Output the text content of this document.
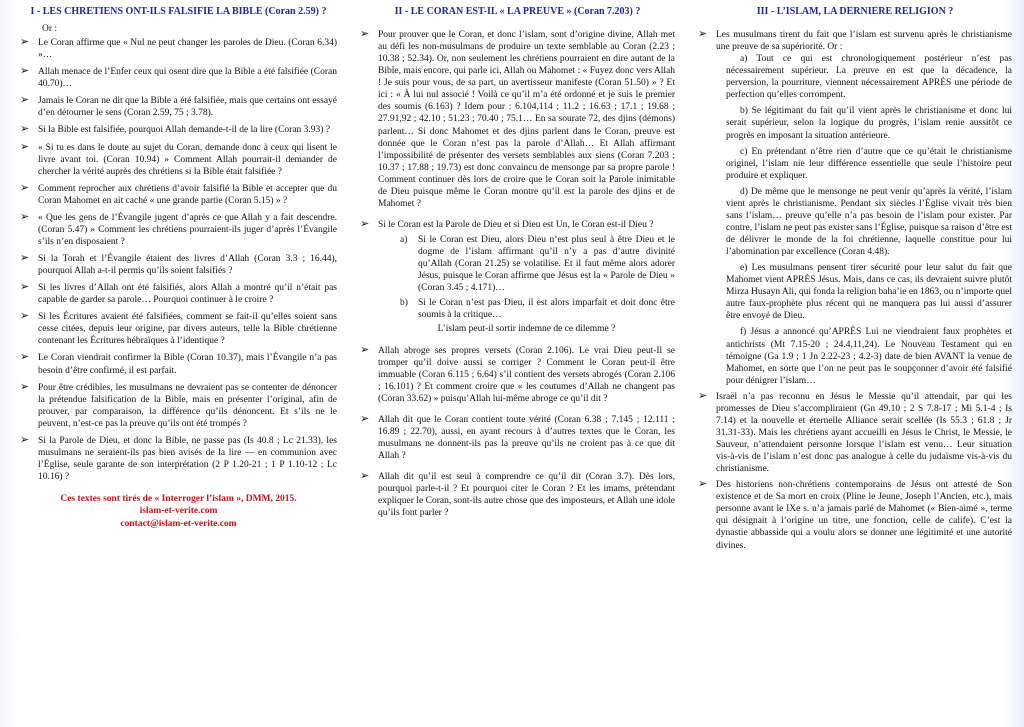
I - LES CHRÉTIENS ONT-ILS FALSIFIÉ LA BIBLE (Coran 2.59) ?
Or :
➢ Le Coran affirme que « Nul ne peut changer les paroles de Dieu. (Coran 6.34) »…
➢ Allah menace de l’Enfer ceux qui osent dire que la Bible a été falsifiée (Coran 40.70)…
➢ Jamais le Coran ne dit que la Bible a été falsifiée, mais que certains ont essayé d’en détourner le sens (Coran 2.59, 75 ; 3.78).
➢ Si la Bible est falsifiée, pourquoi Allah demande-t-il de la lire (Coran 3.93) ?
➢ « Si tu es dans le doute au sujet du Coran, demande donc à ceux qui lisent le livre avant toi. (Coran 10.94) » Comment Allah pourrait-il demander de chercher la vérité auprès des chrétiens si la Bible était falsifiée ?
➢ Comment reprocher aux chrétiens d’avoir falsifié la Bible et accepter que du Coran Mahomet en ait caché « une grande partie (Coran 5.15) » ?
➢ « Que les gens de l’Évangile jugent d’après ce que Allah y a fait descendre. (Coran 5.47) » Comment les chrétiens pourraient-ils juger d’après l’Évangile s’ils n’en disposaient ?
➢ Si la Torah et l’Évangile étaient des livres d’Allah (Coran 3.3 ; 16.44), pourquoi Allah a-t-il permis qu’ils soient falsifiés ?
➢ Si les livres d’Allah ont été falsifiés, alors Allah a montré qu’il n’était pas capable de garder sa parole… Pourquoi continuer à le croire ?
➢ Si les Écritures avaient été falsifiées, comment se fait-il qu’elles soient sans cesse citées, depuis leur origine, par divers auteurs, telle la Bible chrétienne contenant les Écritures hébraïques à l’identique ?
➢ Le Coran viendrait confirmer la Bible (Coran 10.37), mais l’Évangile n’a pas besoin d’être confirmé, il est parfait.
➢ Pour être crédibles, les musulmans ne devraient pas se contenter de dénoncer la prétendue falsification de la Bible, mais en présenter l’original, afin de prouver, par comparaison, la différence qu’ils dénoncent. Et s’ils ne le peuvent, n’est-ce pas la preuve qu’ils ont été trompés ?
➢ Si la Parole de Dieu, et donc la Bible, ne passe pas (Is 40.8 ; Lc 21.33), les musulmans ne seraient-ils pas bien avisés de la lire — en communion avec l’Église, seule garante de son interprétation (2 P 1.20-21 ; 1 P 1.10-12 ; Lc 10.16) ?
Ces textes sont tirés de « Interroger l’islam », DMM, 2015.
islam-et-verite.com
contact@islam-et-verite.com
II - LE CORAN EST-IL « LA PREUVE » (Coran 7.203) ?
➢ Pour prouver que le Coran, et donc l’islam, sont d’origine divine, Allah met au défi les non-musulmans de produire un texte semblable au Coran (2.23 ; 10.38 ; 52.34). Or, non seulement les chrétiens pourraient en dire autant de la Bible, mais encore, qui parle ici, Allah ou Mahomet : « Fuyez donc vers Allah ! Je suis pour vous, de sa part, un avertisseur manifeste (Coran 51.50) » ? Et ici : « À lui nul associé ! Voilà ce qu’il m’a été ordonné et je suis le premier des soumis (6.163) ? Idem pour : 6.104,114 ; 11.2 ; 16.63 ; 17.1 ; 19.68 ; 27.91,92 ; 42.10 ; 51.23 ; 70.40 ; 75.1… En sa sourate 72, des djins (démons) parlent… Si donc Mahomet et des djins parlent dans le Coran, preuve est donnée que le Coran n’est pas la parole d’Allah… Et Allah affirmant l’impossibilité de présenter des versets semblables aux siens (Coran 7.203 ; 10.37 ; 17.88 ; 19.73) est donc convaincu de mensonge par sa propre parole ! Comment continuer dès lors de croire que le Coran soit la Parole inimitable de Dieu puisque même le Coran montre qu’il est la parole des djins et de Mahomet ?
➢ Si le Coran est la Parole de Dieu et si Dieu est Un, le Coran est-il Dieu ?
a) Si le Coran est Dieu, alors Dieu n’est plus seul à être Dieu et le dogme de l’islam affirmant qu’il n’y a pas d’autre divinité qu’Allah (Coran 21.25) se volatilise. Et il faut même alors adorer Jésus, puisque le Coran affirme que Jésus est la « Parole de Dieu » (Coran 3.45 ; 4.171)…
b) Si le Coran n’est pas Dieu, il est alors imparfait et doit donc être soumis à la critique…
L’islam peut-il sortir indemne de ce dilemme ?
➢ Allah abroge ses propres versets (Coran 2.106). Le vrai Dieu peut-Il se tromper qu’il doive aussi se corriger ? Comment le Coran peut-il être immuable (Coran 6.115 ; 6.64) s’il contient des versets abrogés (Coran 2.106 ; 16.101) ? Et comment croire que « les coutumes d’Allah ne changent pas (Coran 33.62) » puisqu’Allah lui-même abroge ce qu’il dit ?
➢ Allah dit que le Coran contient toute vérité (Coran 6.38 ; 7.145 ; 12.111 ; 16.89 ; 22.70), aussi, en ayant recours à d’autres textes que le Coran, les musulmans ne donnent-ils pas la preuve qu’ils ne croient pas à ce que dit Allah ?
➢ Allah dit qu’il est seul à comprendre ce qu’il dit (Coran 3.7). Dès lors, pourquoi parle-t-il ? Et pourquoi citer le Coran ? Et les imams, prétendant expliquer le Coran, sont-ils autre chose que des imposteurs, et Allah une idole qu’ils font parler ?
III - L’ISLAM, LA DERNIÈRE RELIGION ?
➢ Les musulmans tirent du fait que l’islam est survenu après le christianisme une preuve de sa supériorité. Or :
a) Tout ce qui est chronologiquement postérieur n’est pas nécessairement supérieur. La preuve en est que la décadence, la perversion, la pourriture, viennent nécessairement APRÈS une période de perfection qu’elles corrompent.
b) Se légitimant du fait qu’il vient après le christianisme et donc lui serait supérieur, selon la logique du progrès, l’islam renie aussitôt ce progrès en imposant la situation antérieure.
c) En prétendant n’être rien d’autre que ce qu’était le christianisme originel, l’islam nie leur différence essentielle que seule l’histoire peut produire et expliquer.
d) De même que le mensonge ne peut venir qu’après la vérité, l’islam vient après le christianisme. Pendant six siècles l’Église vivait très bien sans l’islam… preuve qu’elle n’a pas besoin de l’islam pour exister. Par contre, l’islam ne peut pas exister sans l’Église, puisque sa raison d’être est de délivrer le monde de la foi chrétienne, laquelle constitue pour lui l’abomination par excellence (Coran 4.48).
e) Les musulmans pensent tirer sécurité pour leur salut du fait que Mahomet vient APRÈS Jésus. Mais, dans ce cas, ils devraient suivre plutôt Mirza Husayn Ali, qui fonda la religion baha’ie en 1863, ou n’importe quel autre faux-prophète plus récent qui ne manquera pas lui aussi d’assurer être envoyé de Dieu.
f) Jésus a annoncé qu’APRÈS Lui ne viendraient faux prophètes et antichrists (Mt 7.15-20 ; 24.4,11,24). Le Nouveau Testament qui en témoigne (Ga 1.9 ; 1 Jn 2.22-23 ; 4.2-3) date de bien AVANT la venue de Mahomet, en sorte que l’on ne peut pas le soupçonner d’avoir été falsifié pour dénigrer l’islam…
➢ Israël n’a pas reconnu en Jésus le Messie qu’il attendait, par qui les promesses de Dieu s’accompliraient (Gn 49.10 ; 2 S 7.8-17 ; Mi 5.1-4 ; Is 7.14) et la nouvelle et éternelle Alliance serait scellée (Is 55.3 ; 61.8 ; Jr 31.31-33). Mais les chrétiens ayant accueilli en Jésus le Christ, le Messie, le Sauveur, n’attendaient personne lorsque l’islam est venu… Leur situation vis-à-vis de l’islam n’est donc pas analogue à celle du judaïsme vis-à-vis du christianisme.
➢ Des historiens non-chrétiens contemporains de Jésus ont attesté de Son existence et de Sa mort en croix (Pline le Jeune, Joseph l’Ancien, etc.), mais personne avant le IXe s. n’a jamais parlé de Mahomet (« Bien-aimé », terme qui désignait à l’origine un titre, une fonction, celle de calife). C’est la dynastie abbasside qui a voulu alors se donner une légitimité et une autorité divines.
